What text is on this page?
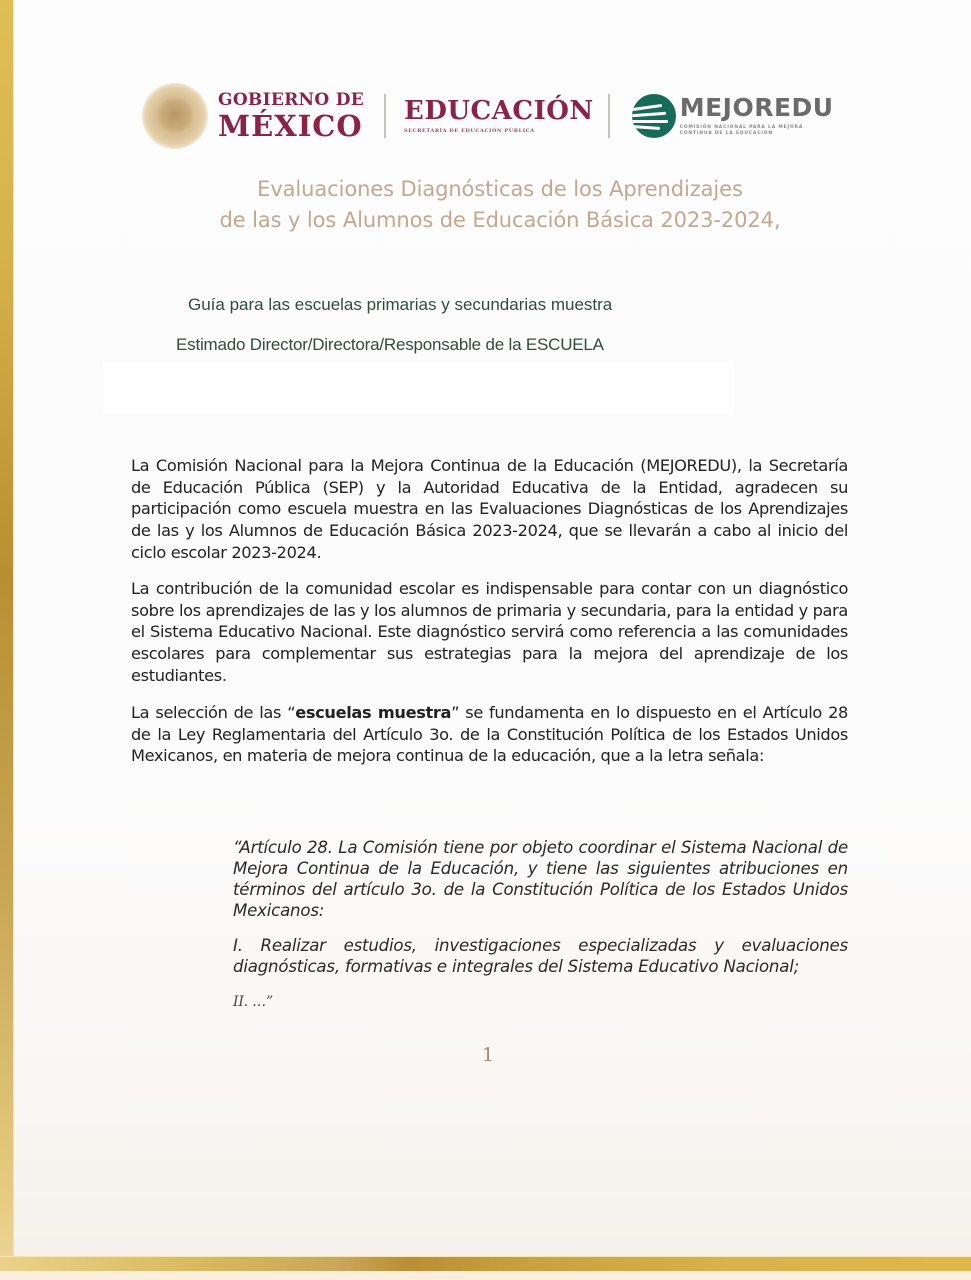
GOBIERNO DE
MÉXICO EDUCACIÓN
SECRETARÍA DE EDUCACIÓN PÚBLICA
MEJOREDU
COMISIÓN NACIONAL PARA LA MEJORA CONTINUA DE LA EDUCACIÓN
Evaluaciones Diagnósticas de los Aprendizajes
de las y los Alumnos de Educación Básica 2023-2024,
Guía para las escuelas primarias y secundarias muestra
Estimado Director/Directora/Responsable de la ESCUELA

La Comisión Nacional para la Mejora Continua de la Educación (MEJOREDU), la Secretaría de Educación Pública (SEP) y la Autoridad Educativa de la Entidad, agradecen su participación como escuela muestra en las Evaluaciones Diagnósticas de los Aprendizajes de las y los Alumnos de Educación Básica 2023-2024, que se llevarán a cabo al inicio del ciclo escolar 2023-2024.

La contribución de la comunidad escolar es indispensable para contar con un diagnóstico sobre los aprendizajes de las y los alumnos de primaria y secundaria, para la entidad y para el Sistema Educativo Nacional. Este diagnóstico servirá como referencia a las comunidades escolares para complementar sus estrategias para la mejora del aprendizaje de los estudiantes.

La selección de las “escuelas muestra” se fundamenta en lo dispuesto en el Artículo 28 de la Ley Reglamentaria del Artículo 3o. de la Constitución Política de los Estados Unidos Mexicanos, en materia de mejora continua de la educación, que a la letra señala:

“Artículo 28. La Comisión tiene por objeto coordinar el Sistema Nacional de Mejora Continua de la Educación, y tiene las siguientes atribuciones en términos del artículo 3o. de la Constitución Política de los Estados Unidos Mexicanos:
I. Realizar estudios, investigaciones especializadas y evaluaciones diagnósticas, formativas e integrales del Sistema Educativo Nacional;
II. …”
1
